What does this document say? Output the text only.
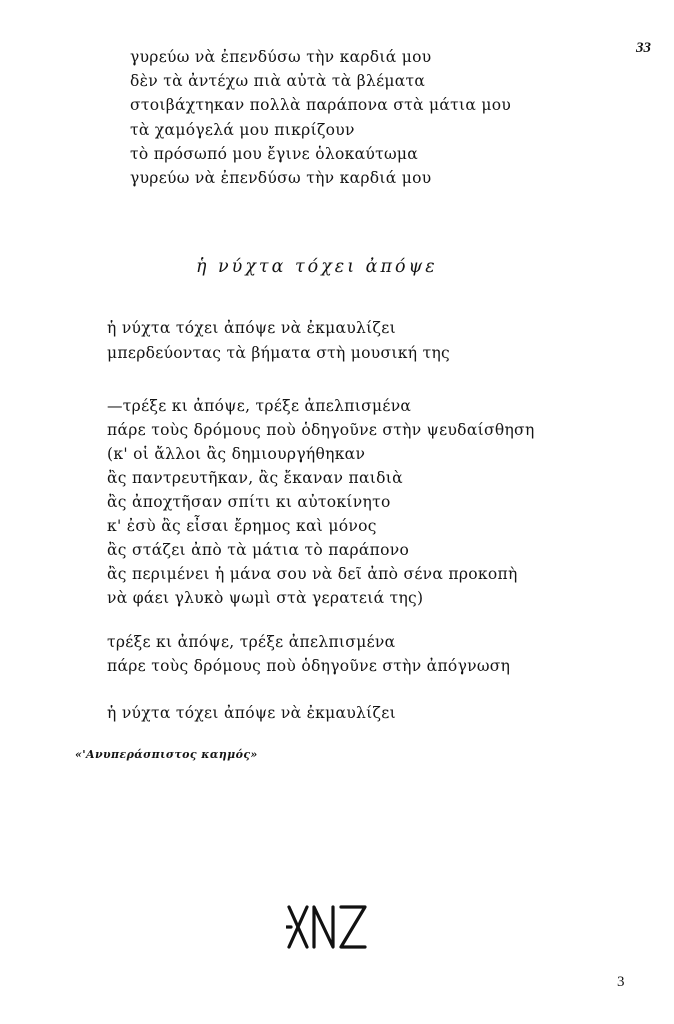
33
γυρεύω νὰ ἐπενδύσω τὴν καρδιά μου
δὲν τὰ ἀντέχω πιὰ αὐτὰ τὰ βλέματα
στοιβάχτηκαν πολλὰ παράπονα στὰ μάτια μου
τὰ χαμόγελά μου πικρίζουν
τὸ πρόσωπό μου ἔγινε ὁλοκαύτωμα
γυρεύω νὰ ἐπενδύσω τὴν καρδιά μου
ἡ νύχτα τόχει ἀπόψε
ἡ νύχτα τόχει ἀπόψε νὰ ἐκμαυλίζει
μπερδεύοντας τὰ βήματα στὴ μουσική της
—τρέξε κι ἀπόψε, τρέξε ἀπελπισμένα
πάρε τοὺς δρόμους ποὺ ὁδηγοῦνε στὴν ψευδαίσθηση
(κ' οἱ ἄλλοι ἂς δημιουργήθηκαν
ἂς παντρευτῆκαν, ἂς ἔκαναν παιδιὰ
ἂς ἀποχτῆσαν σπίτι κι αὐτοκίνητο
κ' ἐσὺ ἂς εἶσαι ἔρημος καὶ μόνος
ἂς στάζει ἀπὸ τὰ μάτια τὸ παράπονο
ἂς περιμένει ἡ μάνα σου νὰ δεῖ ἀπὸ σένα προκοπὴ
νὰ φάει γλυκὸ ψωμὶ στὰ γερατειά της)
τρέξε κι ἀπόψε, τρέξε ἀπελπισμένα
πάρε τοὺς δρόμους ποὺ ὁδηγοῦνε στὴν ἀπόγνωση
ἡ νύχτα τόχει ἀπόψε νὰ ἐκμαυλίζει
«'Ανυπεράσπιστος καημός»
3
